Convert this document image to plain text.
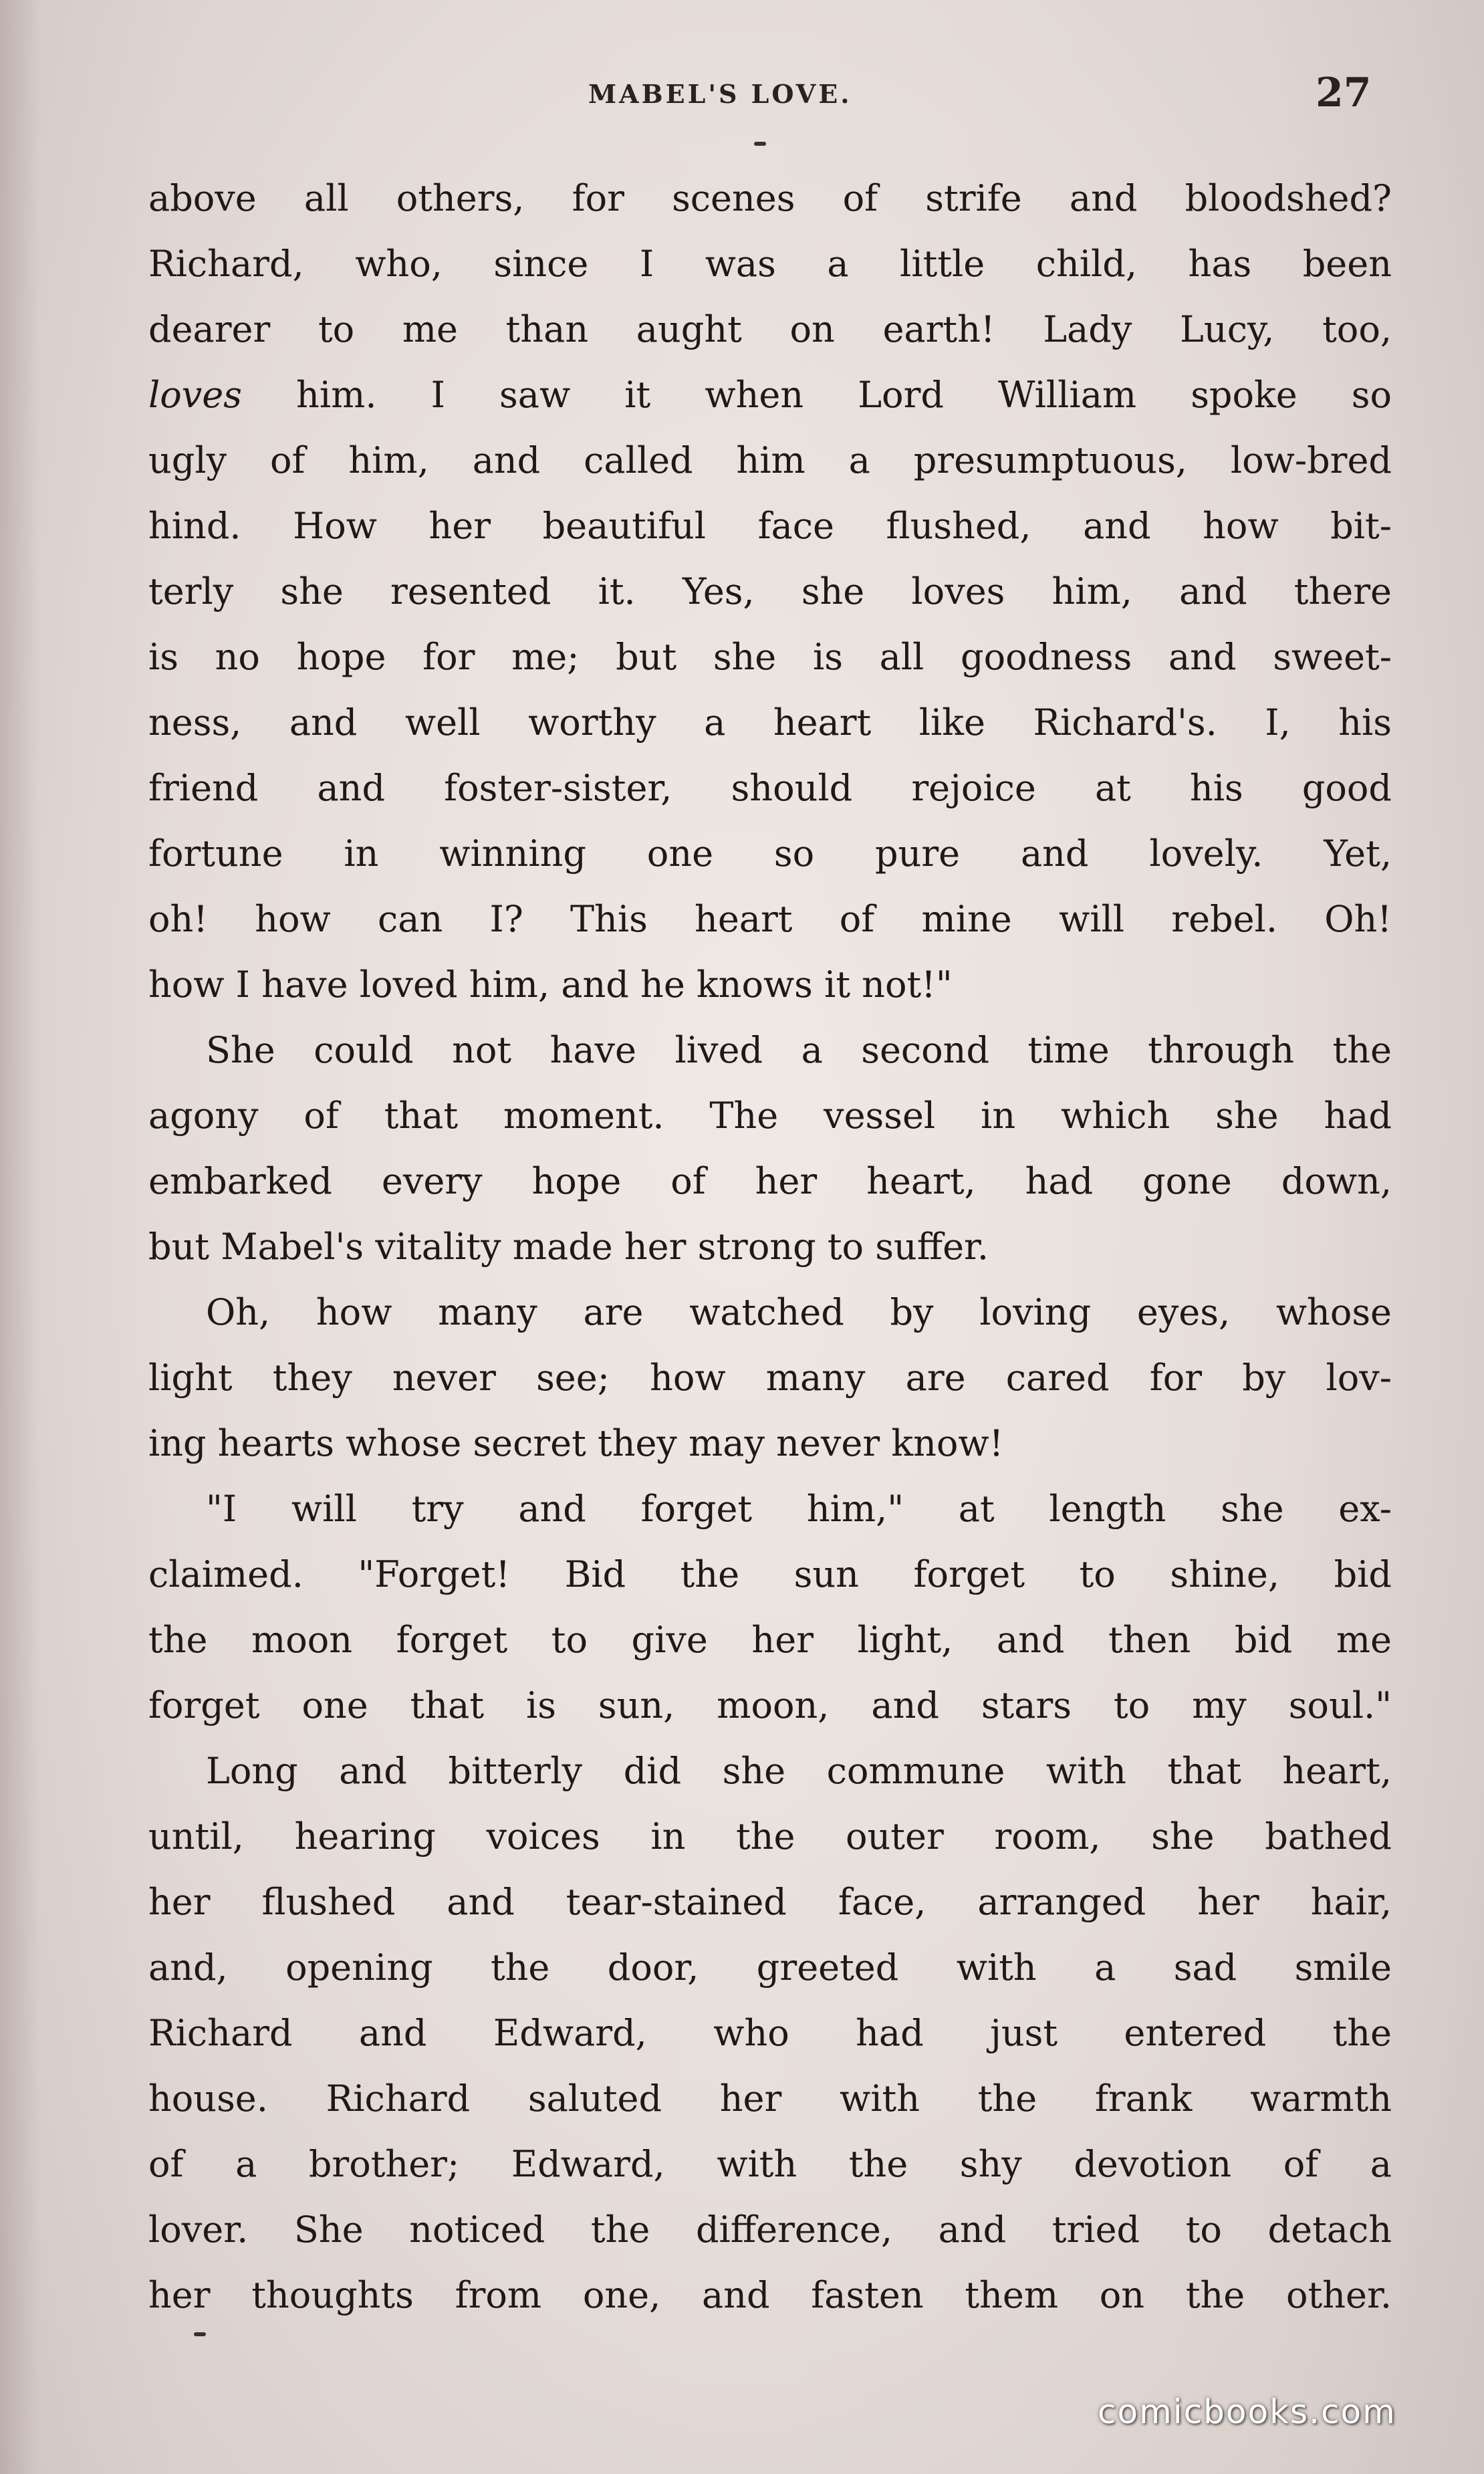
MABEL'S LOVE.	27
above all others, for scenes of strife and bloodshed?
Richard, who, since I was a little child, has been
dearer to me than aught on earth! Lady Lucy, too,
loves him. I saw it when Lord William spoke so
ugly of him, and called him a presumptuous, low-bred
hind. How her beautiful face flushed, and how bit-
terly she resented it. Yes, she loves him, and there
is no hope for me; but she is all goodness and sweet-
ness, and well worthy a heart like Richard's. I, his
friend and foster-sister, should rejoice at his good
fortune in winning one so pure and lovely. Yet,
oh! how can I? This heart of mine will rebel. Oh!
how I have loved him, and he knows it not!"
She could not have lived a second time through the
agony of that moment. The vessel in which she had
embarked every hope of her heart, had gone down,
but Mabel's vitality made her strong to suffer.
Oh, how many are watched by loving eyes, whose
light they never see; how many are cared for by lov-
ing hearts whose secret they may never know!
"I will try and forget him," at length she ex-
claimed. "Forget! Bid the sun forget to shine, bid
the moon forget to give her light, and then bid me
forget one that is sun, moon, and stars to my soul."
Long and bitterly did she commune with that heart,
until, hearing voices in the outer room, she bathed
her flushed and tear-stained face, arranged her hair,
and, opening the door, greeted with a sad smile
Richard and Edward, who had just entered the
house. Richard saluted her with the frank warmth
of a brother; Edward, with the shy devotion of a
lover. She noticed the difference, and tried to detach
her thoughts from one, and fasten them on the other.
comicbooks.com
